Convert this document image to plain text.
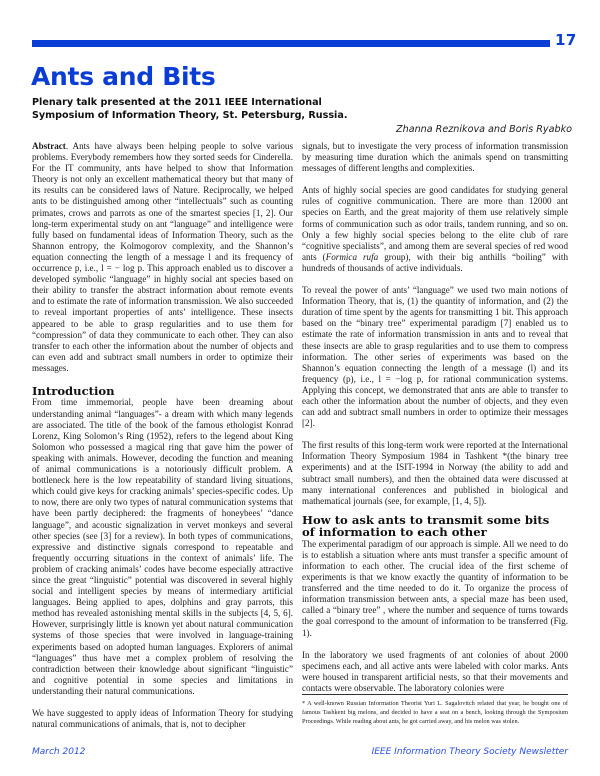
17
Ants and Bits
Plenary talk presented at the 2011 IEEE International
Symposium of Information Theory, St. Petersburg, Russia.
Zhanna Reznikova and Boris Ryabko

Abstract. Ants have always been helping people to solve various problems. Everybody remembers how they sorted seeds for Cinderella. For the IT community, ants have helped to show that Information Theory is not only an excellent mathematical theory but that many of its results can be considered laws of Nature. Reciprocally, we helped ants to be distinguished among other “intellectuals” such as counting primates, crows and parrots as one of the smartest species [1, 2]. Our long-term experimental study on ant “language” and intelligence were fully based on fundamental ideas of Information Theory, such as the Shannon entropy, the Kolmogorov complexity, and the Shannon’s equation connecting the length of a message l and its frequency of occurrence p, i.e., l = − log p. This approach enabled us to discover a developed symbolic “language” in highly social ant species based on their ability to transfer the abstract information about remote events and to estimate the rate of information transmission. We also succeeded to reveal important properties of ants’ intelligence. These insects appeared to be able to grasp regularities and to use them for “compression” of data they communicate to each other. They can also transfer to each other the information about the number of objects and can even add and subtract small numbers in order to optimize their messages.

Introduction

From time immemorial, people have been dreaming about understanding animal “languages”- a dream with which many legends are associated. The title of the book of the famous ethologist Konrad Lorenz, King Solomon’s Ring (1952), refers to the legend about King Solomon who possessed a magical ring that gave him the power of speaking with animals. However, decoding the function and meaning of animal communications is a notoriously difficult problem. A bottleneck here is the low repeatability of standard living situations, which could give keys for cracking animals’ species-specific codes. Up to now, there are only two types of natural communication systems that have been partly deciphered: the fragments of honeybees’ “dance language”, and acoustic signalization in vervet monkeys and several other species (see [3] for a review). In both types of communications, expressive and distinctive signals correspond to repeatable and frequently occurring situations in the context of animals’ life. The problem of cracking animals’ codes have become especially attractive since the great “linguistic” potential was discovered in several highly social and intelligent species by means of intermediary artificial languages. Being applied to apes, dolphins and gray parrots, this method has revealed astonishing mental skills in the subjects [4, 5, 6]. However, surprisingly little is known yet about natural communication systems of those species that were involved in language-training experiments based on adopted human languages. Explorers of animal “languages” thus have met a complex problem of resolving the contradiction between their knowledge about significant “linguistic” and cognitive potential in some species and limitations in understanding their natural communications.

We have suggested to apply ideas of Information Theory for studying natural communications of animals, that is, not to decipher

signals, but to investigate the very process of information transmission by measuring time duration which the animals spend on transmitting messages of different lengths and complexities.

Ants of highly social species are good candidates for studying general rules of cognitive communication. There are more than 12000 ant species on Earth, and the great majority of them use relatively simple forms of communication such as odor trails, tandem running, and so on. Only a few highly social species belong to the elite club of rare “cognitive specialists”, and among them are several species of red wood ants (Formica rufa group), with their big anthills “boiling” with hundreds of thousands of active individuals.

To reveal the power of ants’ “language” we used two main notions of Information Theory, that is, (1) the quantity of information, and (2) the duration of time spent by the agents for transmitting 1 bit. This approach based on the “binary tree” experimental paradigm [7] enabled us to estimate the rate of information transmission in ants and to reveal that these insects are able to grasp regularities and to use them to compress information. The other series of experiments was based on the Shannon’s equation connecting the length of a message (l) and its frequency (p), i.e., l = −log p, for rational communication systems. Applying this concept, we demonstrated that ants are able to transfer to each other the information about the number of objects, and they even can add and subtract small numbers in order to optimize their messages [2].

The first results of this long-term work were reported at the International Information Theory Symposium 1984 in Tashkent *(the binary tree experiments) and at the ISIT-1994 in Norway (the ability to add and subtract small numbers), and then the obtained data were discussed at many international conferences and published in biological and mathematical journals (see, for example, [1, 4, 5]).

How to ask ants to transmit some bits
of information to each other

The experimental paradigm of our approach is simple. All we need to do is to establish a situation where ants must transfer a specific amount of information to each other. The crucial idea of the first scheme of experiments is that we know exactly the quantity of information to be transferred and the time needed to do it. To organize the process of information transmission between ants, a special maze has been used, called a “binary tree” , where the number and sequence of turns towards the goal correspond to the amount of information to be transferred (Fig. 1).

In the laboratory we used fragments of ant colonies of about 2000 specimens each, and all active ants were labeled with color marks. Ants were housed in transparent artificial nests, so that their movements and contacts were observable. The laboratory colonies were

* A well-known Russian Information Theorist Yuri L. Sagalovitch related that year, he bought one of famous Tashkent big melons, and decided to have a seat on a bench, looking through the Symposium Proceedings. While reading about ants, he got carried away, and his melon was stolen.
March 2012	IEEE Information Theory Society Newsletter
